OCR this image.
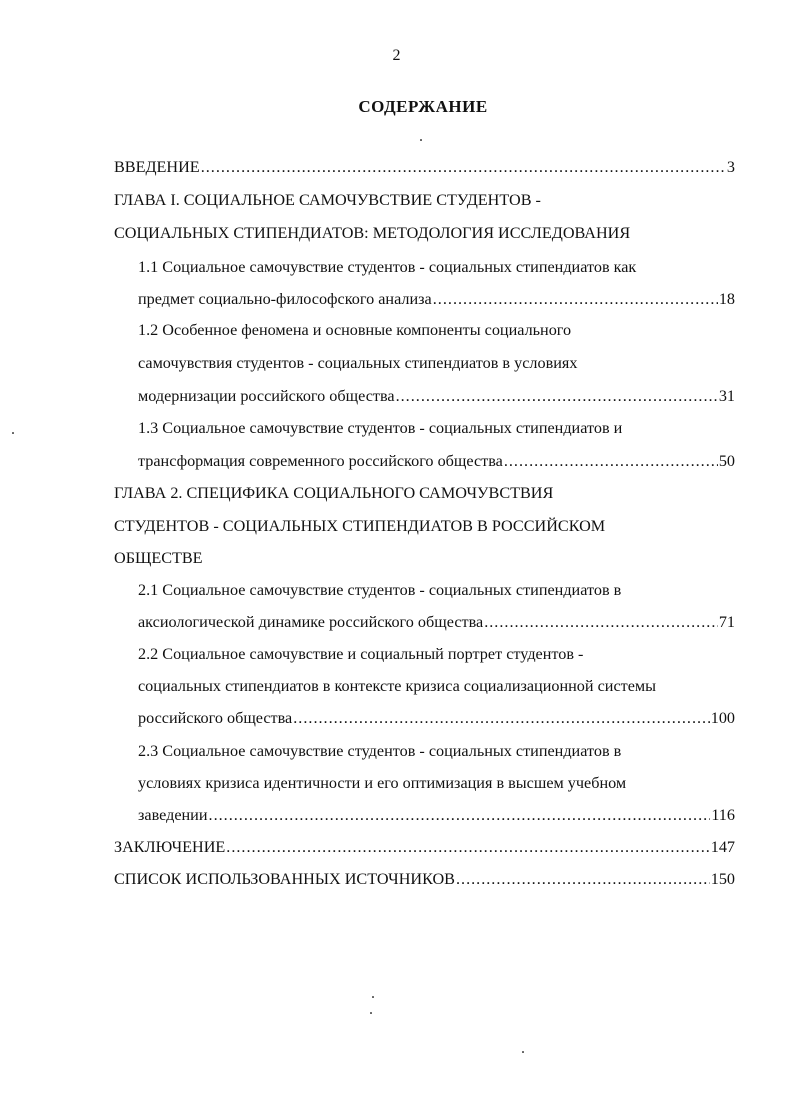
2
СОДЕРЖАНИЕ
ВВЕДЕНИЕ .....	3
ГЛАВА I. СОЦИАЛЬНОЕ САМОЧУВСТВИЕ СТУДЕНТОВ -
СОЦИАЛЬНЫХ СТИПЕНДИАТОВ: МЕТОДОЛОГИЯ ИССЛЕДОВАНИЯ
1.1 Социальное самочувствие студентов - социальных стипендиатов как
предмет социально-философского анализа .....	18
1.2 Особенное феномена и основные компоненты социального
самочувствия студентов - социальных стипендиатов в условиях
модернизации российского общества .....	31
1.3 Социальное самочувствие студентов - социальных стипендиатов и
трансформация современного российского общества .....	50
ГЛАВА 2. СПЕЦИФИКА СОЦИАЛЬНОГО САМОЧУВСТВИЯ
СТУДЕНТОВ - СОЦИАЛЬНЫХ СТИПЕНДИАТОВ В РОССИЙСКОМ
ОБЩЕСТВЕ
2.1 Социальное самочувствие студентов - социальных стипендиатов в
аксиологической динамике российского общества .....	71
2.2 Социальное самочувствие и социальный портрет студентов -
социальных стипендиатов в контексте кризиса социализационной системы
российского общества .....	100
2.3 Социальное самочувствие студентов - социальных стипендиатов в
условиях кризиса идентичности и его оптимизация в высшем учебном
заведении .....	116
ЗАКЛЮЧЕНИЕ .....	147
СПИСОК ИСПОЛЬЗОВАННЫХ ИСТОЧНИКОВ .....	150
